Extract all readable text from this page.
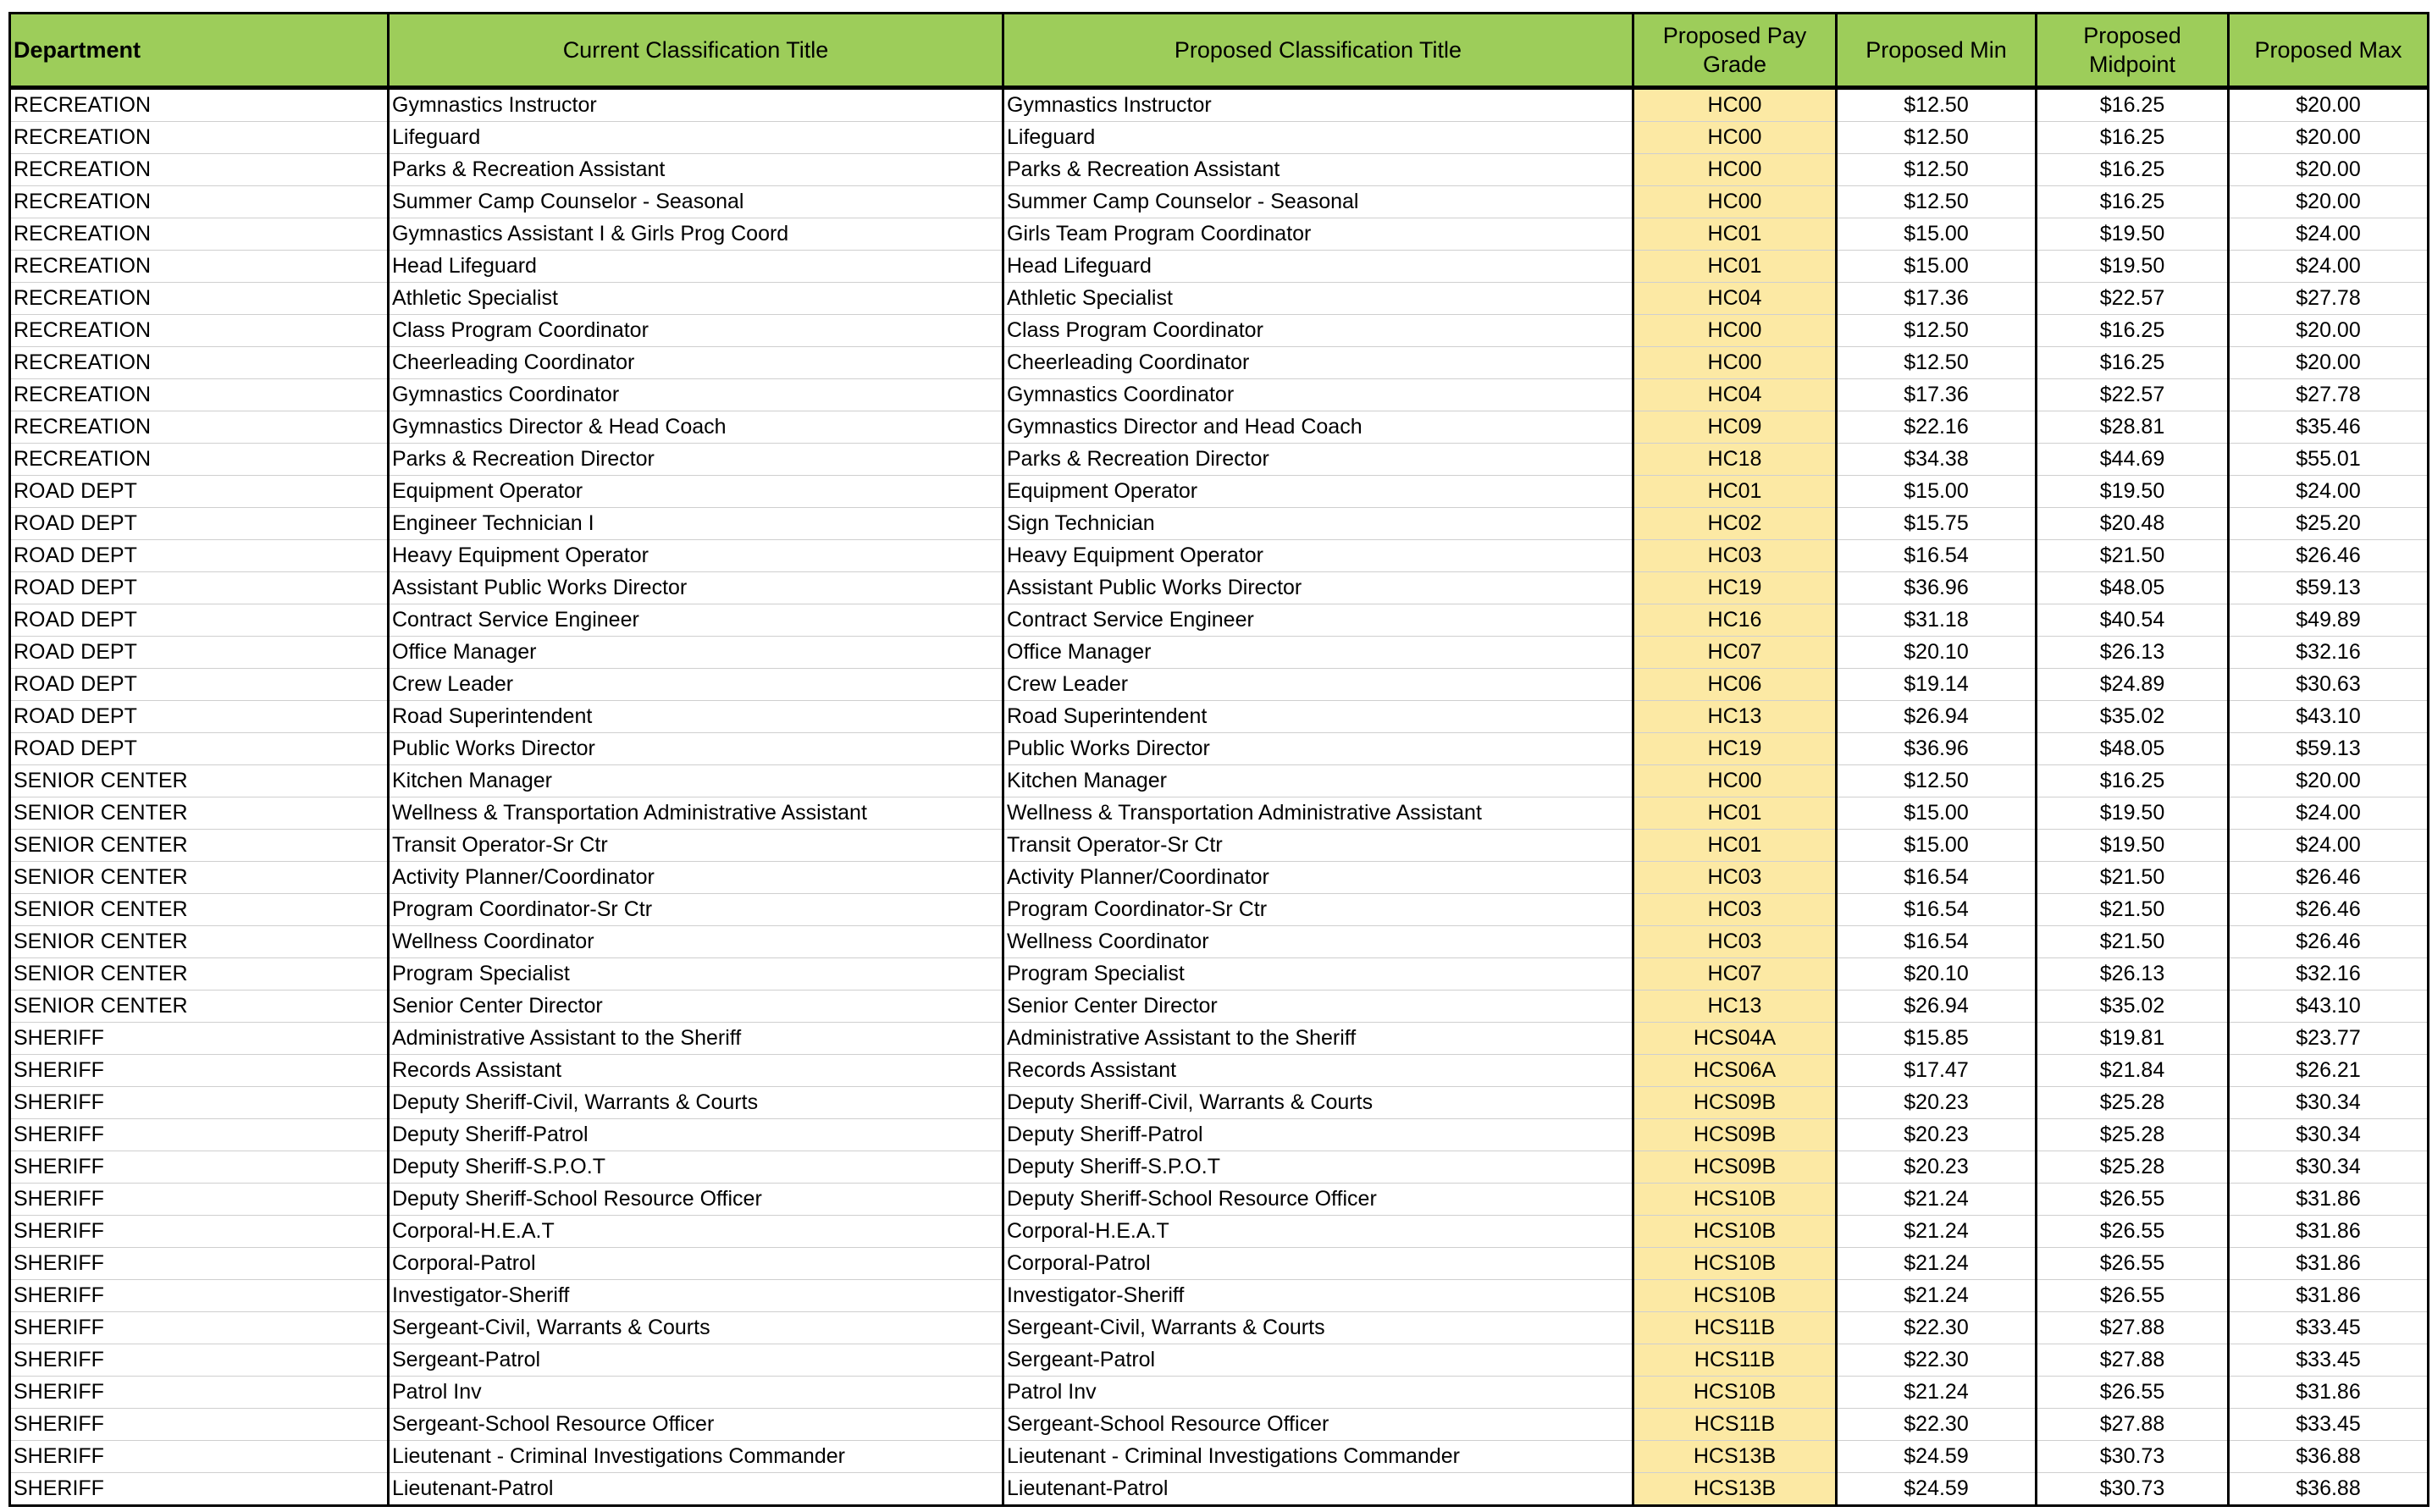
Department	Current Classification Title	Proposed Classification Title	Proposed Pay Grade	Proposed Min	Proposed Midpoint	Proposed Max
RECREATION	Gymnastics Instructor	Gymnastics Instructor	HC00	$12.50	$16.25	$20.00
RECREATION	Lifeguard	Lifeguard	HC00	$12.50	$16.25	$20.00
RECREATION	Parks & Recreation Assistant	Parks & Recreation Assistant	HC00	$12.50	$16.25	$20.00
RECREATION	Summer Camp Counselor - Seasonal	Summer Camp Counselor - Seasonal	HC00	$12.50	$16.25	$20.00
RECREATION	Gymnastics Assistant I & Girls Prog Coord	Girls Team Program Coordinator	HC01	$15.00	$19.50	$24.00
RECREATION	Head Lifeguard	Head Lifeguard	HC01	$15.00	$19.50	$24.00
RECREATION	Athletic Specialist	Athletic Specialist	HC04	$17.36	$22.57	$27.78
RECREATION	Class Program Coordinator	Class Program Coordinator	HC00	$12.50	$16.25	$20.00
RECREATION	Cheerleading Coordinator	Cheerleading Coordinator	HC00	$12.50	$16.25	$20.00
RECREATION	Gymnastics Coordinator	Gymnastics Coordinator	HC04	$17.36	$22.57	$27.78
RECREATION	Gymnastics Director & Head Coach	Gymnastics Director and Head Coach	HC09	$22.16	$28.81	$35.46
RECREATION	Parks & Recreation Director	Parks & Recreation Director	HC18	$34.38	$44.69	$55.01
ROAD DEPT	Equipment Operator	Equipment Operator	HC01	$15.00	$19.50	$24.00
ROAD DEPT	Engineer Technician I	Sign Technician	HC02	$15.75	$20.48	$25.20
ROAD DEPT	Heavy Equipment Operator	Heavy Equipment Operator	HC03	$16.54	$21.50	$26.46
ROAD DEPT	Assistant Public Works Director	Assistant Public Works Director	HC19	$36.96	$48.05	$59.13
ROAD DEPT	Contract Service Engineer	Contract Service Engineer	HC16	$31.18	$40.54	$49.89
ROAD DEPT	Office Manager	Office Manager	HC07	$20.10	$26.13	$32.16
ROAD DEPT	Crew Leader	Crew Leader	HC06	$19.14	$24.89	$30.63
ROAD DEPT	Road Superintendent	Road Superintendent	HC13	$26.94	$35.02	$43.10
ROAD DEPT	Public Works Director	Public Works Director	HC19	$36.96	$48.05	$59.13
SENIOR CENTER	Kitchen Manager	Kitchen Manager	HC00	$12.50	$16.25	$20.00
SENIOR CENTER	Wellness & Transportation Administrative Assistant	Wellness & Transportation Administrative Assistant	HC01	$15.00	$19.50	$24.00
SENIOR CENTER	Transit Operator-Sr Ctr	Transit Operator-Sr Ctr	HC01	$15.00	$19.50	$24.00
SENIOR CENTER	Activity Planner/Coordinator	Activity Planner/Coordinator	HC03	$16.54	$21.50	$26.46
SENIOR CENTER	Program Coordinator-Sr Ctr	Program Coordinator-Sr Ctr	HC03	$16.54	$21.50	$26.46
SENIOR CENTER	Wellness Coordinator	Wellness Coordinator	HC03	$16.54	$21.50	$26.46
SENIOR CENTER	Program Specialist	Program Specialist	HC07	$20.10	$26.13	$32.16
SENIOR CENTER	Senior Center Director	Senior Center Director	HC13	$26.94	$35.02	$43.10
SHERIFF	Administrative Assistant to the Sheriff	Administrative Assistant to the Sheriff	HCS04A	$15.85	$19.81	$23.77
SHERIFF	Records Assistant	Records Assistant	HCS06A	$17.47	$21.84	$26.21
SHERIFF	Deputy Sheriff-Civil, Warrants & Courts	Deputy Sheriff-Civil, Warrants & Courts	HCS09B	$20.23	$25.28	$30.34
SHERIFF	Deputy Sheriff-Patrol	Deputy Sheriff-Patrol	HCS09B	$20.23	$25.28	$30.34
SHERIFF	Deputy Sheriff-S.P.O.T	Deputy Sheriff-S.P.O.T	HCS09B	$20.23	$25.28	$30.34
SHERIFF	Deputy Sheriff-School Resource Officer	Deputy Sheriff-School Resource Officer	HCS10B	$21.24	$26.55	$31.86
SHERIFF	Corporal-H.E.A.T	Corporal-H.E.A.T	HCS10B	$21.24	$26.55	$31.86
SHERIFF	Corporal-Patrol	Corporal-Patrol	HCS10B	$21.24	$26.55	$31.86
SHERIFF	Investigator-Sheriff	Investigator-Sheriff	HCS10B	$21.24	$26.55	$31.86
SHERIFF	Sergeant-Civil, Warrants & Courts	Sergeant-Civil, Warrants & Courts	HCS11B	$22.30	$27.88	$33.45
SHERIFF	Sergeant-Patrol	Sergeant-Patrol	HCS11B	$22.30	$27.88	$33.45
SHERIFF	Patrol Inv	Patrol Inv	HCS10B	$21.24	$26.55	$31.86
SHERIFF	Sergeant-School Resource Officer	Sergeant-School Resource Officer	HCS11B	$22.30	$27.88	$33.45
SHERIFF	Lieutenant - Criminal Investigations Commander	Lieutenant - Criminal Investigations Commander	HCS13B	$24.59	$30.73	$36.88
SHERIFF	Lieutenant-Patrol	Lieutenant-Patrol	HCS13B	$24.59	$30.73	$36.88
